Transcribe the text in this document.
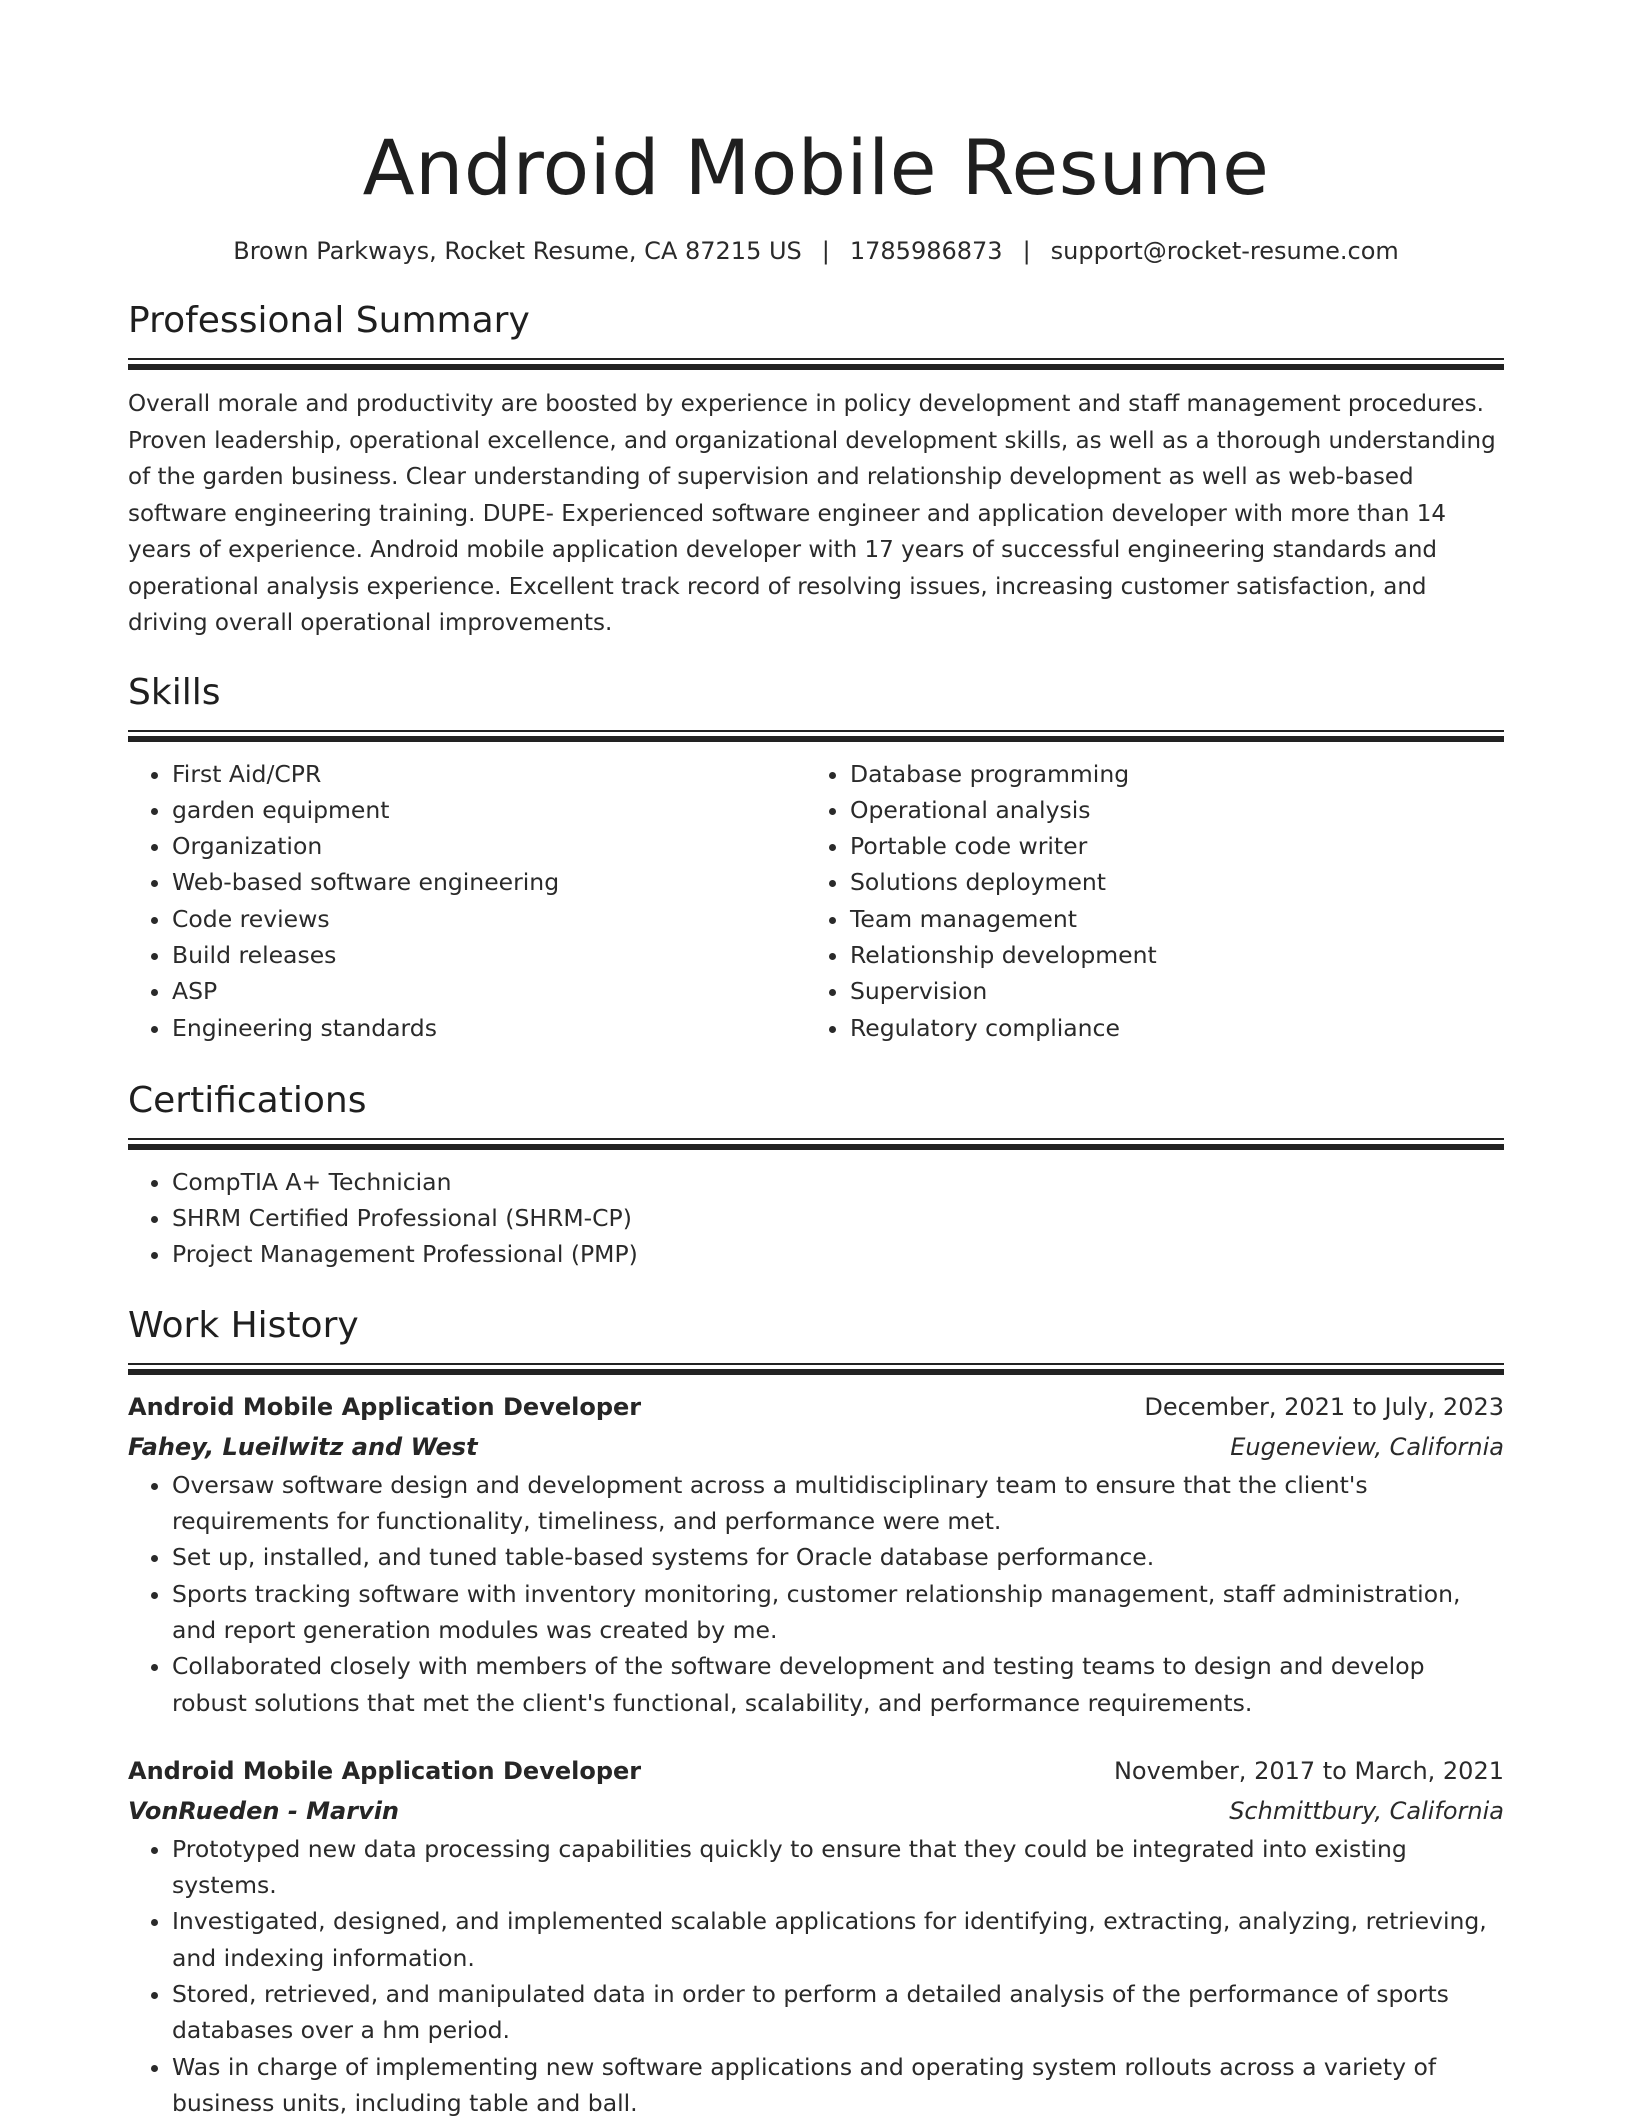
Android Mobile Resume
Brown Parkways, Rocket Resume, CA 87215 US | 1785986873 | support@rocket-resume.com
Professional Summary
Overall morale and productivity are boosted by experience in policy development and staff management procedures. Proven leadership, operational excellence, and organizational development skills, as well as a thorough understanding of the garden business. Clear understanding of supervision and relationship development as well as web-based software engineering training. DUPE- Experienced software engineer and application developer with more than 14 years of experience. Android mobile application developer with 17 years of successful engineering standards and operational analysis experience. Excellent track record of resolving issues, increasing customer satisfaction, and driving overall operational improvements.
Skills
• First Aid/CPR
• garden equipment
• Organization
• Web-based software engineering
• Code reviews
• Build releases
• ASP
• Engineering standards
• Database programming
• Operational analysis
• Portable code writer
• Solutions deployment
• Team management
• Relationship development
• Supervision
• Regulatory compliance
Certifications
• CompTIA A+ Technician
• SHRM Certified Professional (SHRM-CP)
• Project Management Professional (PMP)
Work History
Android Mobile Application Developer	December, 2021 to July, 2023
Fahey, Lueilwitz and West	Eugeneview, California
• Oversaw software design and development across a multidisciplinary team to ensure that the client's requirements for functionality, timeliness, and performance were met.
• Set up, installed, and tuned table-based systems for Oracle database performance.
• Sports tracking software with inventory monitoring, customer relationship management, staff administration, and report generation modules was created by me.
• Collaborated closely with members of the software development and testing teams to design and develop robust solutions that met the client's functional, scalability, and performance requirements.
Android Mobile Application Developer	November, 2017 to March, 2021
VonRueden - Marvin	Schmittbury, California
• Prototyped new data processing capabilities quickly to ensure that they could be integrated into existing systems.
• Investigated, designed, and implemented scalable applications for identifying, extracting, analyzing, retrieving, and indexing information.
• Stored, retrieved, and manipulated data in order to perform a detailed analysis of the performance of sports databases over a hm period.
• Was in charge of implementing new software applications and operating system rollouts across a variety of business units, including table and ball.
